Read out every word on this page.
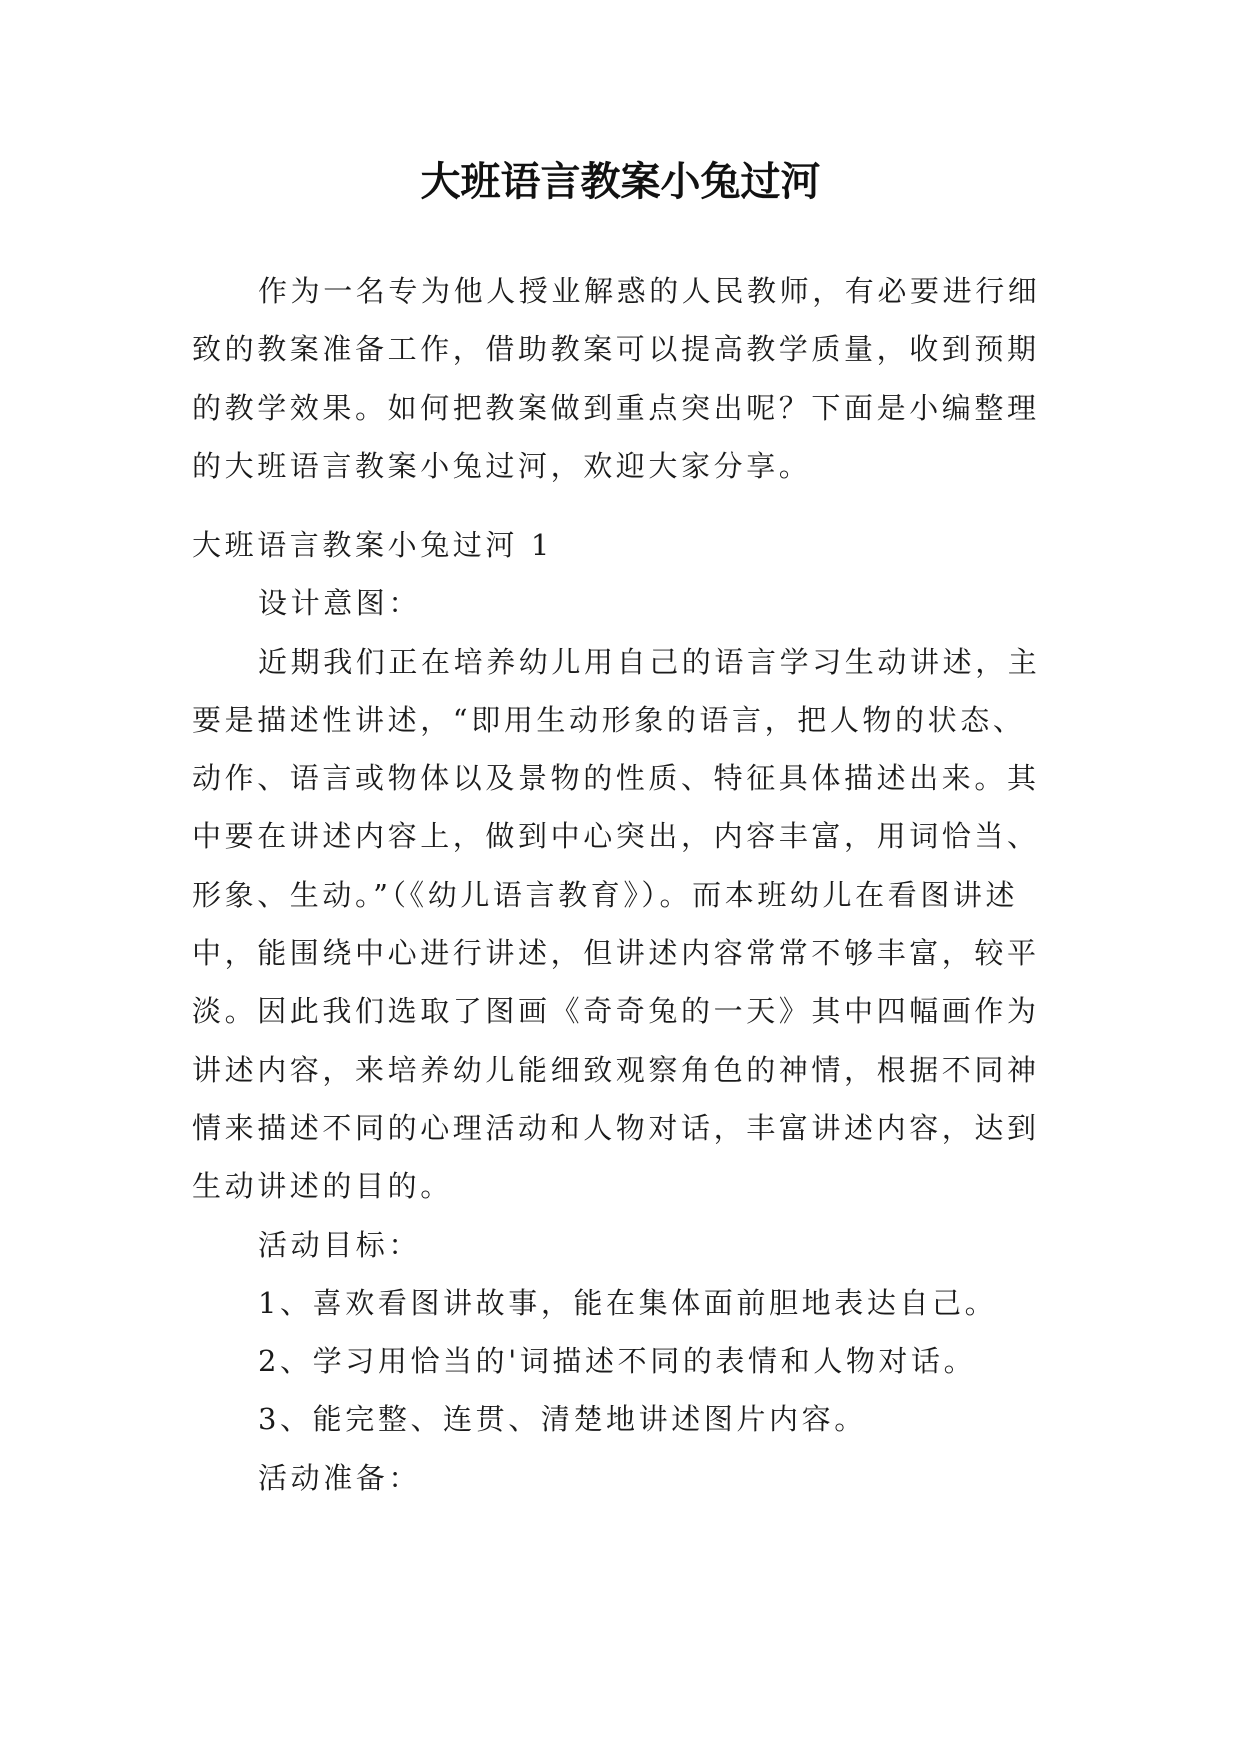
大班语言教案小兔过河

作为一名专为他人授业解惑的人民教师，有必要进行细致的教案准备工作，借助教案可以提高教学质量，收到预期的教学效果。如何把教案做到重点突出呢？下面是小编整理的大班语言教案小兔过河，欢迎大家分享。

大班语言教案小兔过河 1

设计意图：

近期我们正在培养幼儿用自己的语言学习生动讲述，主要是描述性讲述，“即用生动形象的语言，把人物的状态、动作、语言或物体以及景物的性质、特征具体描述出来。其中要在讲述内容上，做到中心突出，内容丰富，用词恰当、形象、生动。”（《幼儿语言教育》）。而本班幼儿在看图讲述中，能围绕中心进行讲述，但讲述内容常常不够丰富，较平淡。因此我们选取了图画《奇奇兔的一天》其中四幅画作为讲述内容，来培养幼儿能细致观察角色的神情，根据不同神情来描述不同的心理活动和人物对话，丰富讲述内容，达到生动讲述的目的。

活动目标：

1、喜欢看图讲故事，能在集体面前胆地表达自己。

2、学习用恰当的'词描述不同的表情和人物对话。

3、能完整、连贯、清楚地讲述图片内容。

活动准备：
